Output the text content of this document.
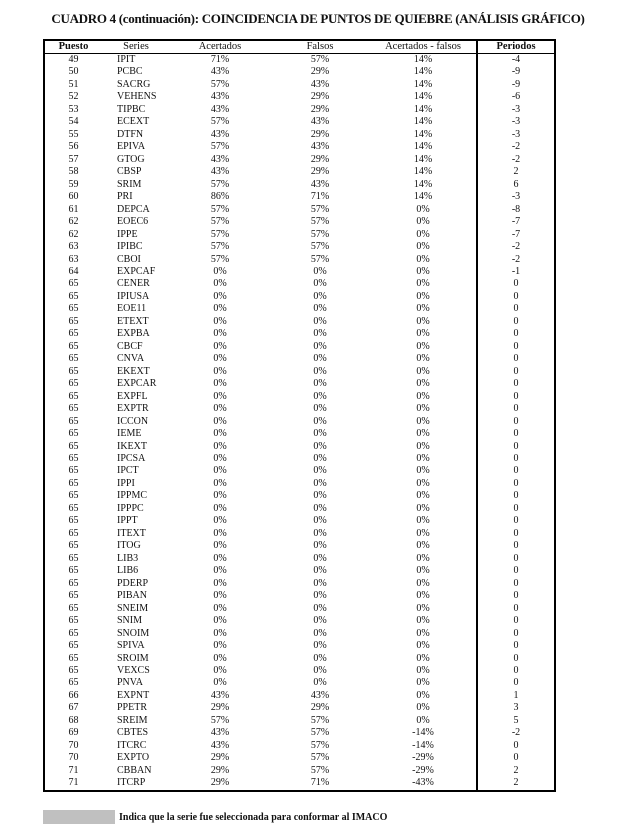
CUADRO 4 (continuación): COINCIDENCIA DE PUNTOS DE QUIEBRE (ANÁLISIS GRÁFICO)
Puesto	Series	Acertados	Falsos	Acertados - falsos	Periodos
49	IPIT	71%	57%	14%	-4
50	PCBC	43%	29%	14%	-9
51	SACRG	57%	43%	14%	-9
52	VEHENS	43%	29%	14%	-6
53	TIPBC	43%	29%	14%	-3
54	ECEXT	57%	43%	14%	-3
55	DTFN	43%	29%	14%	-3
56	EPIVA	57%	43%	14%	-2
57	GTOG	43%	29%	14%	-2
58	CBSP	43%	29%	14%	2
59	SRIM	57%	43%	14%	6
60	PRI	86%	71%	14%	-3
61	DEPCA	57%	57%	0%	-8
62	EOEC6	57%	57%	0%	-7
62	IPPE	57%	57%	0%	-7
63	IPIBC	57%	57%	0%	-2
63	CBOI	57%	57%	0%	-2
64	EXPCAF	0%	0%	0%	-1
65	CENER	0%	0%	0%	0
65	IPIUSA	0%	0%	0%	0
65	EOE11	0%	0%	0%	0
65	ETEXT	0%	0%	0%	0
65	EXPBA	0%	0%	0%	0
65	CBCF	0%	0%	0%	0
65	CNVA	0%	0%	0%	0
65	EKEXT	0%	0%	0%	0
65	EXPCAR	0%	0%	0%	0
65	EXPFL	0%	0%	0%	0
65	EXPTR	0%	0%	0%	0
65	ICCON	0%	0%	0%	0
65	IEME	0%	0%	0%	0
65	IKEXT	0%	0%	0%	0
65	IPCSA	0%	0%	0%	0
65	IPCT	0%	0%	0%	0
65	IPPI	0%	0%	0%	0
65	IPPMC	0%	0%	0%	0
65	IPPPC	0%	0%	0%	0
65	IPPT	0%	0%	0%	0
65	ITEXT	0%	0%	0%	0
65	ITOG	0%	0%	0%	0
65	LIB3	0%	0%	0%	0
65	LIB6	0%	0%	0%	0
65	PDERP	0%	0%	0%	0
65	PIBAN	0%	0%	0%	0
65	SNEIM	0%	0%	0%	0
65	SNIM	0%	0%	0%	0
65	SNOIM	0%	0%	0%	0
65	SPIVA	0%	0%	0%	0
65	SROIM	0%	0%	0%	0
65	VEXCS	0%	0%	0%	0
65	PNVA	0%	0%	0%	0
66	EXPNT	43%	43%	0%	1
67	PPETR	29%	29%	0%	3
68	SREIM	57%	57%	0%	5
69	CBTES	43%	57%	-14%	-2
70	ITCRC	43%	57%	-14%	0
70	EXPTO	29%	57%	-29%	0
71	CBBAN	29%	57%	-29%	2
71	ITCRP	29%	71%	-43%	2
Indica que la serie fue seleccionada para conformar al IMACO
